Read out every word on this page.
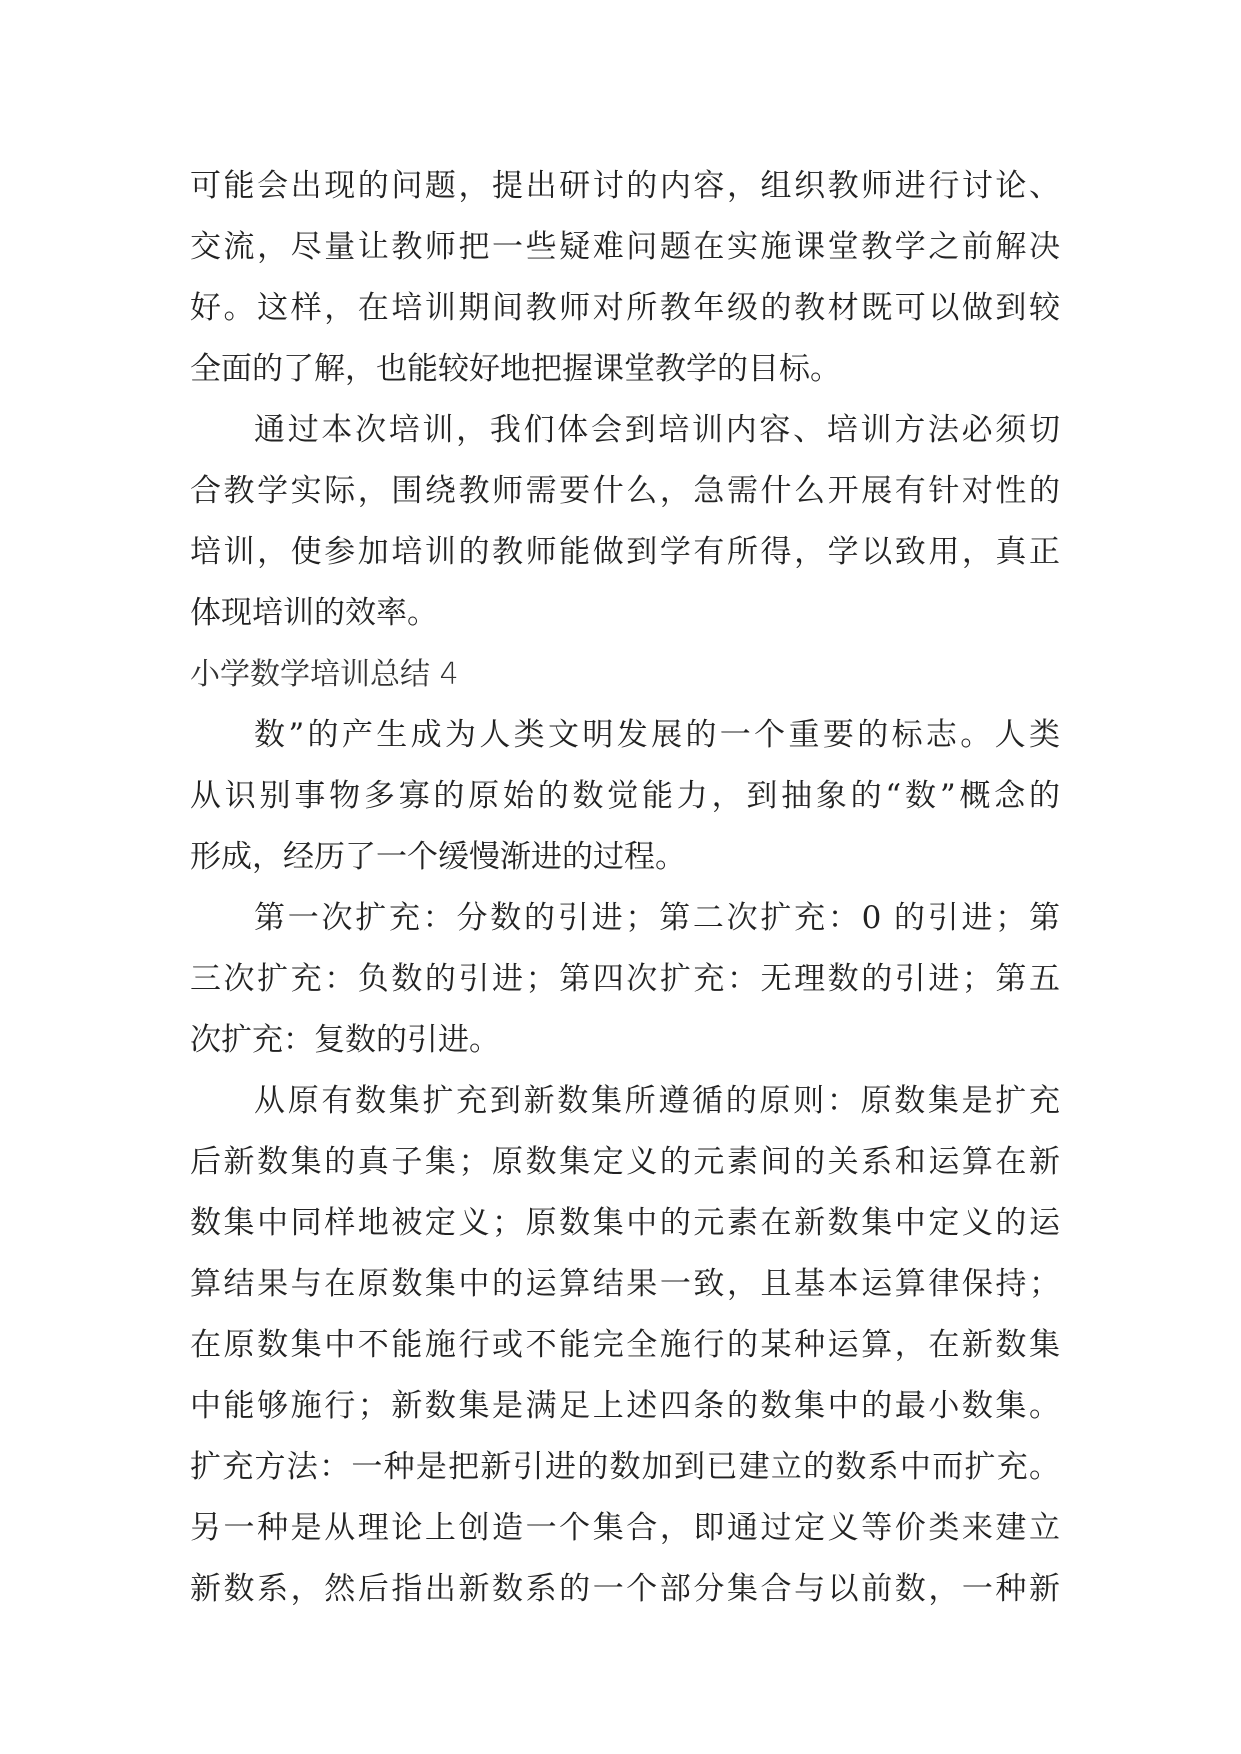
可能会出现的问题，提出研讨的内容，组织教师进行讨论、
交流，尽量让教师把一些疑难问题在实施课堂教学之前解决
好。这样，在培训期间教师对所教年级的教材既可以做到较
全面的了解，也能较好地把握课堂教学的目标。
通过本次培训，我们体会到培训内容、培训方法必须切
合教学实际，围绕教师需要什么，急需什么开展有针对性的
培训，使参加培训的教师能做到学有所得，学以致用，真正
体现培训的效率。
小学数学培训总结 4
数”的产生成为人类文明发展的一个重要的标志。人类
从识别事物多寡的原始的数觉能力，到抽象的“数”概念的
形成，经历了一个缓慢渐进的过程。
第一次扩充：分数的引进；第二次扩充：0 的引进；第
三次扩充：负数的引进；第四次扩充：无理数的引进；第五
次扩充：复数的引进。
从原有数集扩充到新数集所遵循的原则：原数集是扩充
后新数集的真子集；原数集定义的元素间的关系和运算在新
数集中同样地被定义；原数集中的元素在新数集中定义的运
算结果与在原数集中的运算结果一致，且基本运算律保持；
在原数集中不能施行或不能完全施行的某种运算，在新数集
中能够施行；新数集是满足上述四条的数集中的最小数集。
扩充方法：一种是把新引进的数加到已建立的数系中而扩充。
另一种是从理论上创造一个集合，即通过定义等价类来建立
新数系，然后指出新数系的一个部分集合与以前数，一种新
